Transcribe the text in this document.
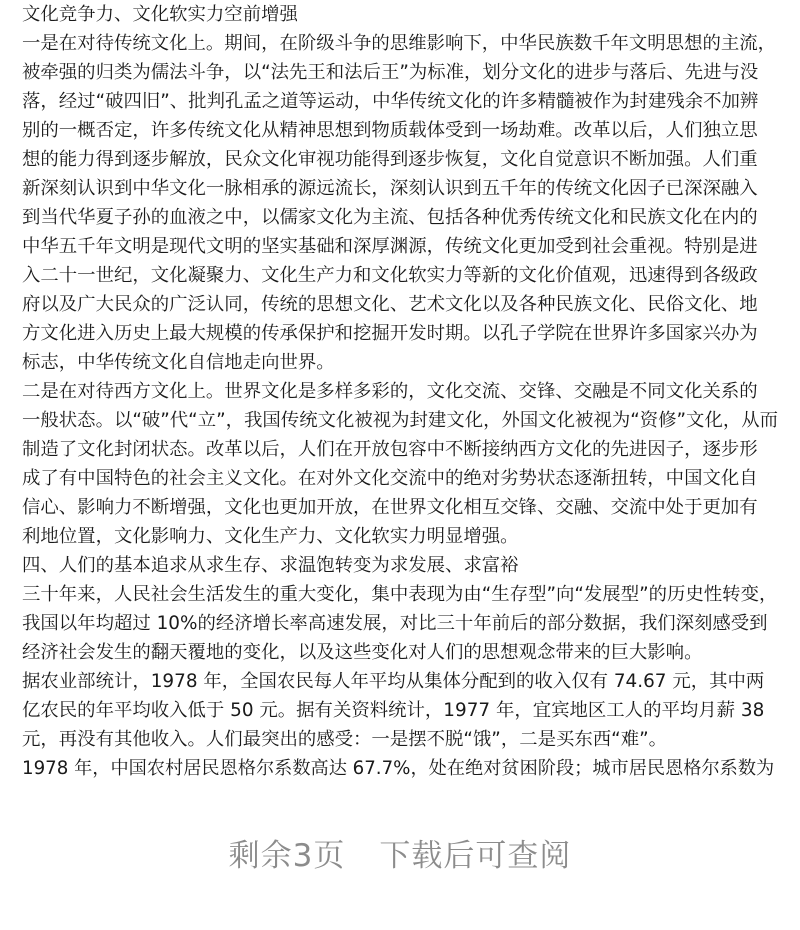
文化竞争力、文化软实力空前增强
一是在对待传统文化上。期间，在阶级斗争的思维影响下，中华民族数千年文明思想的主流，
被牵强的归类为儒法斗争，以“法先王和法后王”为标准，划分文化的进步与落后、先进与没
落，经过“破四旧”、批判孔孟之道等运动，中华传统文化的许多精髓被作为封建残余不加辨
别的一概否定，许多传统文化从精神思想到物质载体受到一场劫难。改革以后，人们独立思
想的能力得到逐步解放，民众文化审视功能得到逐步恢复，文化自觉意识不断加强。人们重
新深刻认识到中华文化一脉相承的源远流长，深刻认识到五千年的传统文化因子已深深融入
到当代华夏子孙的血液之中，以儒家文化为主流、包括各种优秀传统文化和民族文化在内的
中华五千年文明是现代文明的坚实基础和深厚渊源，传统文化更加受到社会重视。特别是进
入二十一世纪，文化凝聚力、文化生产力和文化软实力等新的文化价值观，迅速得到各级政
府以及广大民众的广泛认同，传统的思想文化、艺术文化以及各种民族文化、民俗文化、地
方文化进入历史上最大规模的传承保护和挖掘开发时期。以孔子学院在世界许多国家兴办为
标志，中华传统文化自信地走向世界。
二是在对待西方文化上。世界文化是多样多彩的，文化交流、交锋、交融是不同文化关系的
一般状态。以“破”代“立”，我国传统文化被视为封建文化，外国文化被视为“资修”文化，从而
制造了文化封闭状态。改革以后，人们在开放包容中不断接纳西方文化的先进因子，逐步形
成了有中国特色的社会主义文化。在对外文化交流中的绝对劣势状态逐渐扭转，中国文化自
信心、影响力不断增强，文化也更加开放，在世界文化相互交锋、交融、交流中处于更加有
利地位置，文化影响力、文化生产力、文化软实力明显增强。
四、人们的基本追求从求生存、求温饱转变为求发展、求富裕
三十年来，人民社会生活发生的重大变化，集中表现为由“生存型”向“发展型”的历史性转变，
我国以年均超过 10%的经济增长率高速发展，对比三十年前后的部分数据，我们深刻感受到
经济社会发生的翻天覆地的变化，以及这些变化对人们的思想观念带来的巨大影响。
据农业部统计，1978 年，全国农民每人年平均从集体分配到的收入仅有 74.67 元，其中两
亿农民的年平均收入低于 50 元。据有关资料统计，1977 年，宜宾地区工人的平均月薪 38
元，再没有其他收入。人们最突出的感受：一是摆不脱“饿”，二是买东西“难”。
1978 年，中国农村居民恩格尔系数高达 67.7%，处在绝对贫困阶段；城市居民恩格尔系数为
剩余3页 下载后可查阅
